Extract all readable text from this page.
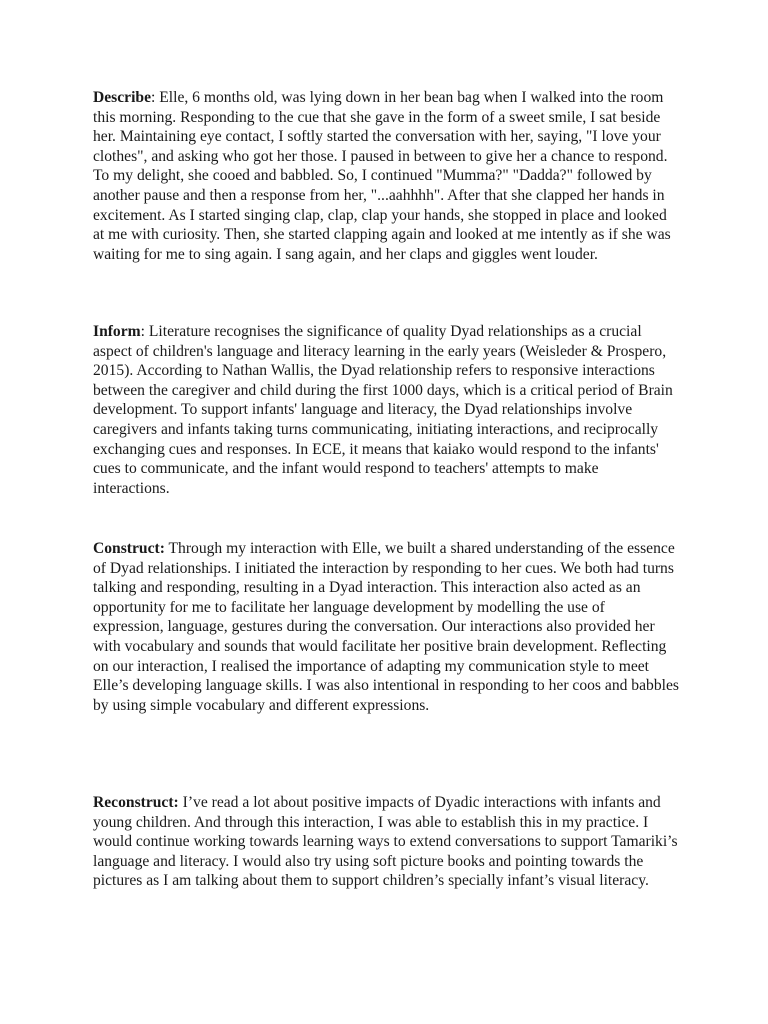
Describe: Elle, 6 months old, was lying down in her bean bag when I walked into the room this morning. Responding to the cue that she gave in the form of a sweet smile, I sat beside her. Maintaining eye contact, I softly started the conversation with her, saying, "I love your clothes", and asking who got her those. I paused in between to give her a chance to respond. To my delight, she cooed and babbled. So, I continued "Mumma?" "Dadda?" followed by another pause and then a response from her, "...aahhhh". After that she clapped her hands in excitement. As I started singing clap, clap, clap your hands, she stopped in place and looked at me with curiosity. Then, she started clapping again and looked at me intently as if she was waiting for me to sing again. I sang again, and her claps and giggles went louder.

Inform: Literature recognises the significance of quality Dyad relationships as a crucial aspect of children's language and literacy learning in the early years (Weisleder & Prospero, 2015). According to Nathan Wallis, the Dyad relationship refers to responsive interactions between the caregiver and child during the first 1000 days, which is a critical period of Brain development. To support infants' language and literacy, the Dyad relationships involve caregivers and infants taking turns communicating, initiating interactions, and reciprocally exchanging cues and responses. In ECE, it means that kaiako would respond to the infants' cues to communicate, and the infant would respond to teachers' attempts to make interactions.

Construct: Through my interaction with Elle, we built a shared understanding of the essence of Dyad relationships. I initiated the interaction by responding to her cues. We both had turns talking and responding, resulting in a Dyad interaction. This interaction also acted as an opportunity for me to facilitate her language development by modelling the use of expression, language, gestures during the conversation. Our interactions also provided her with vocabulary and sounds that would facilitate her positive brain development. Reflecting on our interaction, I realised the importance of adapting my communication style to meet Elle’s developing language skills. I was also intentional in responding to her coos and babbles by using simple vocabulary and different expressions.

Reconstruct: I’ve read a lot about positive impacts of Dyadic interactions with infants and young children. And through this interaction, I was able to establish this in my practice. I would continue working towards learning ways to extend conversations to support Tamariki’s language and literacy. I would also try using soft picture books and pointing towards the pictures as I am talking about them to support children’s specially infant’s visual literacy.
